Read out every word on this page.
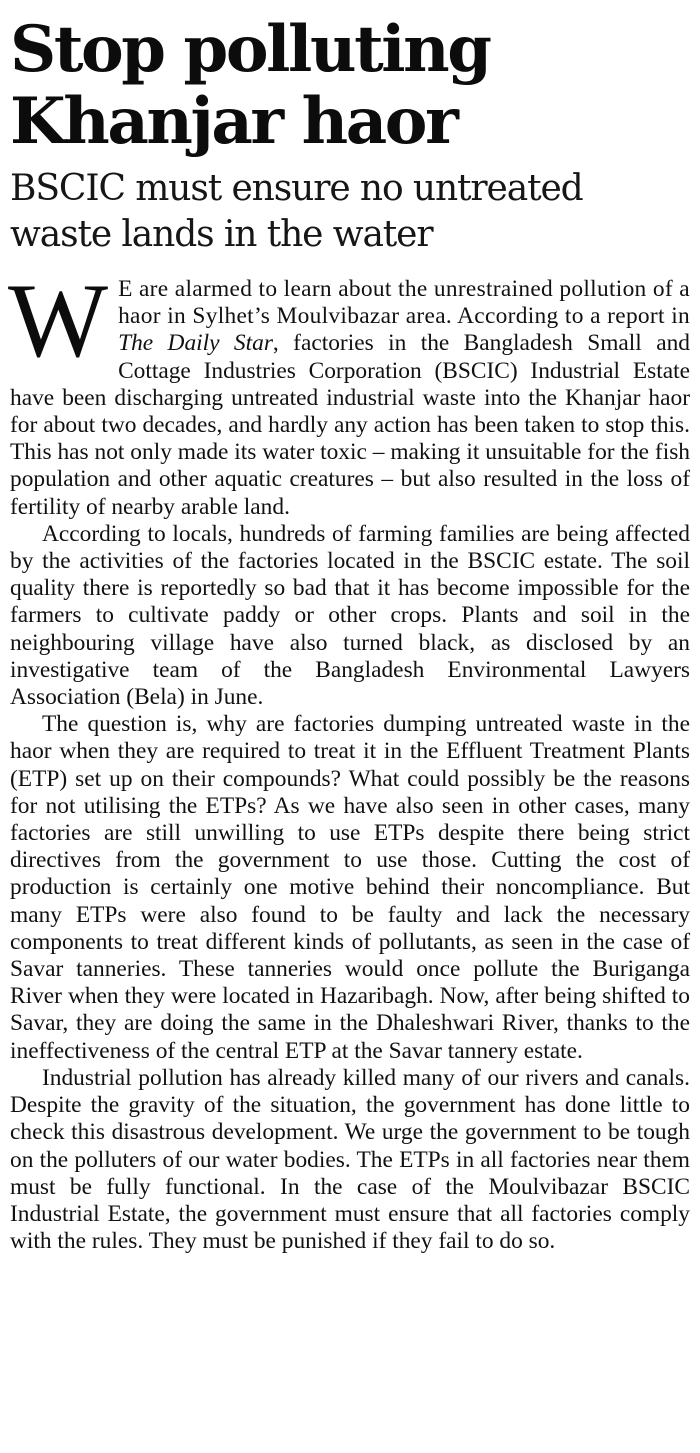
Stop polluting
Khanjar haor
BSCIC must ensure no untreated
waste lands in the water

W E are alarmed to learn about the unrestrained pollution of a haor in Sylhet’s Moulvibazar area. According to a report in The Daily Star, factories in the Bangladesh Small and Cottage Industries Corporation (BSCIC) Industrial Estate have been discharging untreated industrial waste into the Khanjar haor for about two decades, and hardly any action has been taken to stop this. This has not only made its water toxic – making it unsuitable for the fish population and other aquatic creatures – but also resulted in the loss of fertility of nearby arable land.

According to locals, hundreds of farming families are being affected by the activities of the factories located in the BSCIC estate. The soil quality there is reportedly so bad that it has become impossible for the farmers to cultivate paddy or other crops. Plants and soil in the neighbouring village have also turned black, as disclosed by an investigative team of the Bangladesh Environmental Lawyers Association (Bela) in June.

The question is, why are factories dumping untreated waste in the haor when they are required to treat it in the Effluent Treatment Plants (ETP) set up on their compounds? What could possibly be the reasons for not utilising the ETPs? As we have also seen in other cases, many factories are still unwilling to use ETPs despite there being strict directives from the government to use those. Cutting the cost of production is certainly one motive behind their noncompliance. But many ETPs were also found to be faulty and lack the necessary components to treat different kinds of pollutants, as seen in the case of Savar tanneries. These tanneries would once pollute the Buriganga River when they were located in Hazaribagh. Now, after being shifted to Savar, they are doing the same in the Dhaleshwari River, thanks to the ineffectiveness of the central ETP at the Savar tannery estate.

Industrial pollution has already killed many of our rivers and canals. Despite the gravity of the situation, the government has done little to check this disastrous development. We urge the government to be tough on the polluters of our water bodies. The ETPs in all factories near them must be fully functional. In the case of the Moulvibazar BSCIC Industrial Estate, the government must ensure that all factories comply with the rules. They must be punished if they fail to do so.
